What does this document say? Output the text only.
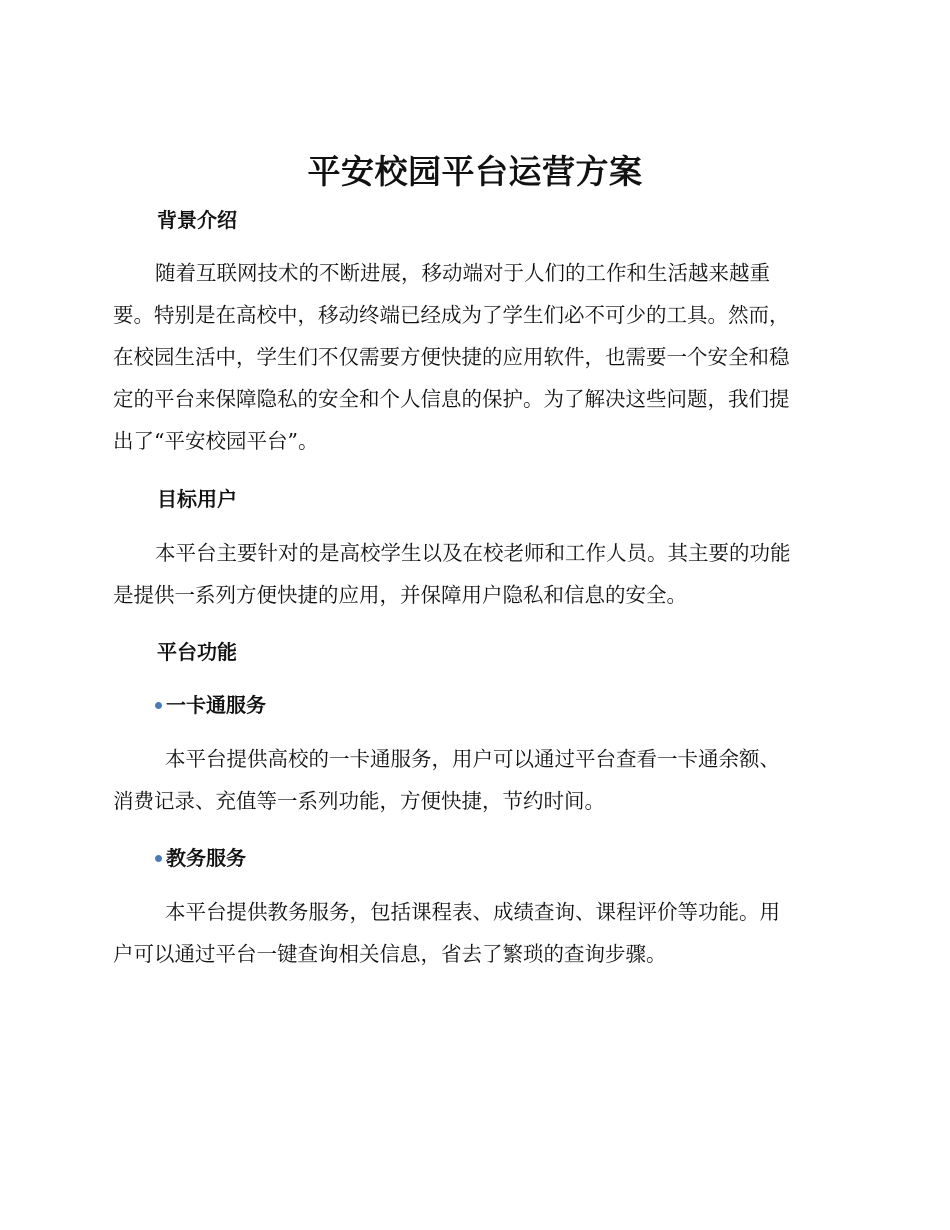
平安校园平台运营方案
背景介绍

随着互联网技术的不断进展，移动端对于人们的工作和生活越来越重
要。特别是在高校中，移动终端已经成为了学生们必不可少的工具。然而，
在校园生活中，学生们不仅需要方便快捷的应用软件，也需要一个安全和稳
定的平台来保障隐私的安全和个人信息的保护。为了解决这些问题，我们提
出了“平安校园平台”。

目标用户

本平台主要针对的是高校学生以及在校老师和工作人员。其主要的功能
是提供一系列方便快捷的应用，并保障用户隐私和信息的安全。

平台功能
一卡通服务

本平台提供高校的一卡通服务，用户可以通过平台查看一卡通余额、
消费记录、充值等一系列功能，方便快捷，节约时间。

教务服务

本平台提供教务服务，包括课程表、成绩查询、课程评价等功能。用
户可以通过平台一键查询相关信息，省去了繁琐的查询步骤。
